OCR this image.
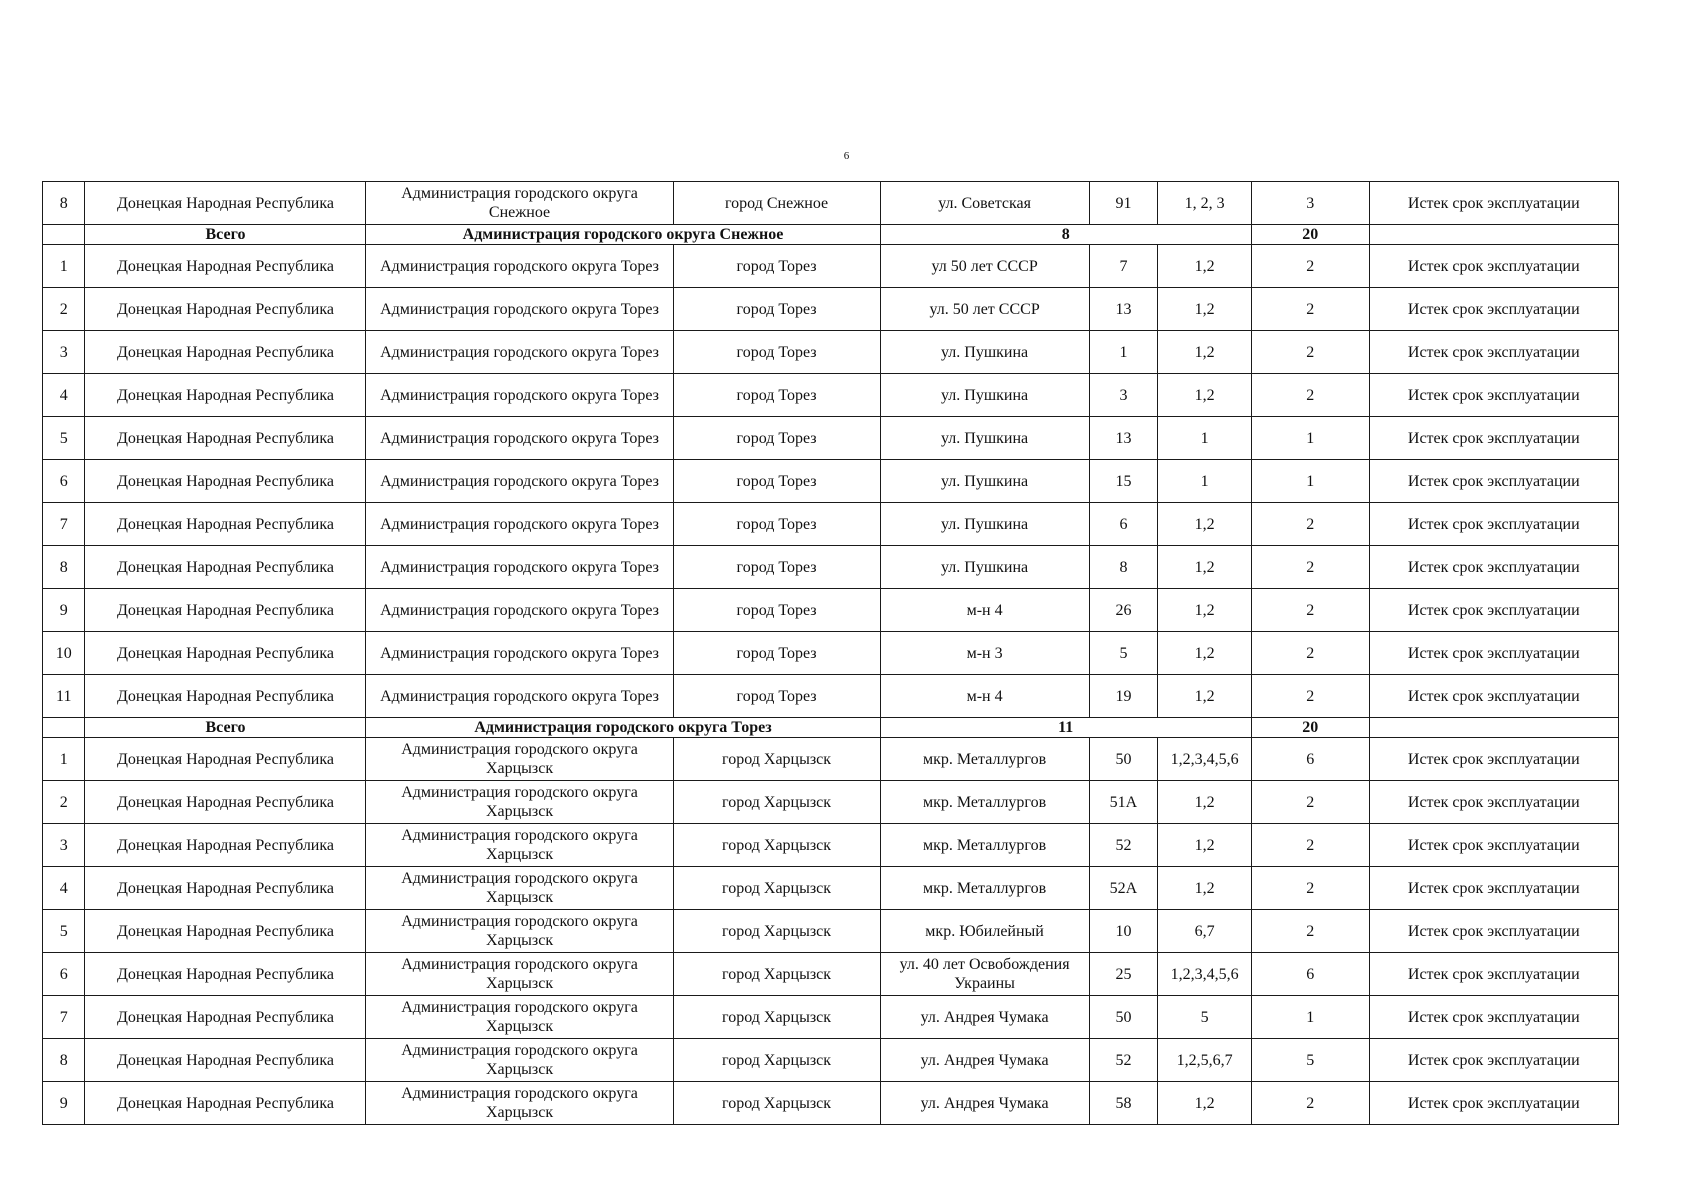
6
8	Донецкая Народная Республика	Администрация городского округа Снежное	город Снежное	ул. Советская	91	1, 2, 3	3	Истек срок эксплуатации
	Всего	Администрация городского округа Снежное		8			20	
1	Донецкая Народная Республика	Администрация городского округа Торез	город Торез	ул 50 лет СССР	7	1,2	2	Истек срок эксплуатации
2	Донецкая Народная Республика	Администрация городского округа Торез	город Торез	ул. 50 лет СССР	13	1,2	2	Истек срок эксплуатации
3	Донецкая Народная Республика	Администрация городского округа Торез	город Торез	ул. Пушкина	1	1,2	2	Истек срок эксплуатации
4	Донецкая Народная Республика	Администрация городского округа Торез	город Торез	ул. Пушкина	3	1,2	2	Истек срок эксплуатации
5	Донецкая Народная Республика	Администрация городского округа Торез	город Торез	ул. Пушкина	13	1	1	Истек срок эксплуатации
6	Донецкая Народная Республика	Администрация городского округа Торез	город Торез	ул. Пушкина	15	1	1	Истек срок эксплуатации
7	Донецкая Народная Республика	Администрация городского округа Торез	город Торез	ул. Пушкина	6	1,2	2	Истек срок эксплуатации
8	Донецкая Народная Республика	Администрация городского округа Торез	город Торез	ул. Пушкина	8	1,2	2	Истек срок эксплуатации
9	Донецкая Народная Республика	Администрация городского округа Торез	город Торез	м-н 4	26	1,2	2	Истек срок эксплуатации
10	Донецкая Народная Республика	Администрация городского округа Торез	город Торез	м-н 3	5	1,2	2	Истек срок эксплуатации
11	Донецкая Народная Республика	Администрация городского округа Торез	город Торез	м-н 4	19	1,2	2	Истек срок эксплуатации
	Всего	Администрация городского округа Торез		11			20	
1	Донецкая Народная Республика	Администрация городского округа Харцызск	город Харцызск	мкр. Металлургов	50	1,2,3,4,5,6	6	Истек срок эксплуатации
2	Донецкая Народная Республика	Администрация городского округа Харцызск	город Харцызск	мкр. Металлургов	51А	1,2	2	Истек срок эксплуатации
3	Донецкая Народная Республика	Администрация городского округа Харцызск	город Харцызск	мкр. Металлургов	52	1,2	2	Истек срок эксплуатации
4	Донецкая Народная Республика	Администрация городского округа Харцызск	город Харцызск	мкр. Металлургов	52А	1,2	2	Истек срок эксплуатации
5	Донецкая Народная Республика	Администрация городского округа Харцызск	город Харцызск	мкр. Юбилейный	10	6,7	2	Истек срок эксплуатации
6	Донецкая Народная Республика	Администрация городского округа Харцызск	город Харцызск	ул. 40 лет Освобождения Украины	25	1,2,3,4,5,6	6	Истек срок эксплуатации
7	Донецкая Народная Республика	Администрация городского округа Харцызск	город Харцызск	ул. Андрея Чумака	50	5	1	Истек срок эксплуатации
8	Донецкая Народная Республика	Администрация городского округа Харцызск	город Харцызск	ул. Андрея Чумака	52	1,2,5,6,7	5	Истек срок эксплуатации
9	Донецкая Народная Республика	Администрация городского округа Харцызск	город Харцызск	ул. Андрея Чумака	58	1,2	2	Истек срок эксплуатации
